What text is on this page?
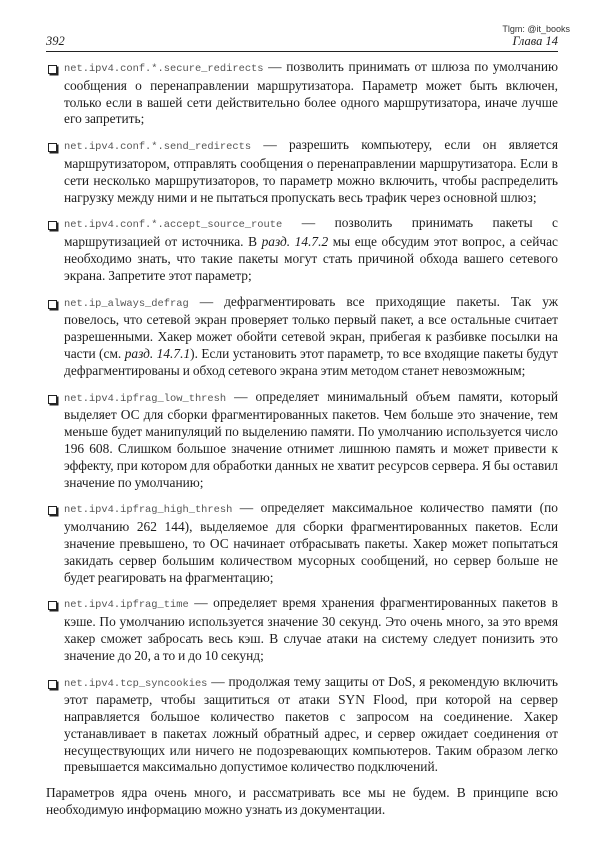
Tlgm: @it_books
392	Глава 14
net.ipv4.conf.*.secure_redirects — позволить принимать от шлюза по умолчанию сообщения о перенаправлении маршрутизатора. Параметр может быть включен, только если в вашей сети действительно более одного маршрутизатора, иначе лучше его запретить;
net.ipv4.conf.*.send_redirects — разрешить компьютеру, если он является маршрутизатором, отправлять сообщения о перенаправлении маршрутизатора. Если в сети несколько маршрутизаторов, то параметр можно включить, чтобы распределить нагрузку между ними и не пытаться пропускать весь трафик через основной шлюз;
net.ipv4.conf.*.accept_source_route — позволить принимать пакеты с маршрутизацией от источника. В разд. 14.7.2 мы еще обсудим этот вопрос, а сейчас необходимо знать, что такие пакеты могут стать причиной обхода вашего сетевого экрана. Запретите этот параметр;
net.ip_always_defrag — дефрагментировать все приходящие пакеты. Так уж повелось, что сетевой экран проверяет только первый пакет, а все остальные считает разрешенными. Хакер может обойти сетевой экран, прибегая к разбивке посылки на части (см. разд. 14.7.1). Если установить этот параметр, то все входящие пакеты будут дефрагментированы и обход сетевого экрана этим методом станет невозможным;
net.ipv4.ipfrag_low_thresh — определяет минимальный объем памяти, который выделяет ОС для сборки фрагментированных пакетов. Чем больше это значение, тем меньше будет манипуляций по выделению памяти. По умолчанию используется число 196 608. Слишком большое значение отнимет лишнюю память и может привести к эффекту, при котором для обработки данных не хватит ресурсов сервера. Я бы оставил значение по умолчанию;
net.ipv4.ipfrag_high_thresh — определяет максимальное количество памяти (по умолчанию 262 144), выделяемое для сборки фрагментированных пакетов. Если значение превышено, то ОС начинает отбрасывать пакеты. Хакер может попытаться закидать сервер большим количеством мусорных сообщений, но сервер больше не будет реагировать на фрагментацию;
net.ipv4.ipfrag_time — определяет время хранения фрагментированных пакетов в кэше. По умолчанию используется значение 30 секунд. Это очень много, за это время хакер сможет забросать весь кэш. В случае атаки на систему следует понизить это значение до 20, а то и до 10 секунд;
net.ipv4.tcp_syncookies — продолжая тему защиты от DoS, я рекомендую включить этот параметр, чтобы защититься от атаки SYN Flood, при которой на сервер направляется большое количество пакетов с запросом на соединение. Хакер устанавливает в пакетах ложный обратный адрес, и сервер ожидает соединения от несуществующих или ничего не подозревающих компьютеров. Таким образом легко превышается максимально допустимое количество подключений.

Параметров ядра очень много, и рассматривать все мы не будем. В принципе всю необходимую информацию можно узнать из документации.
